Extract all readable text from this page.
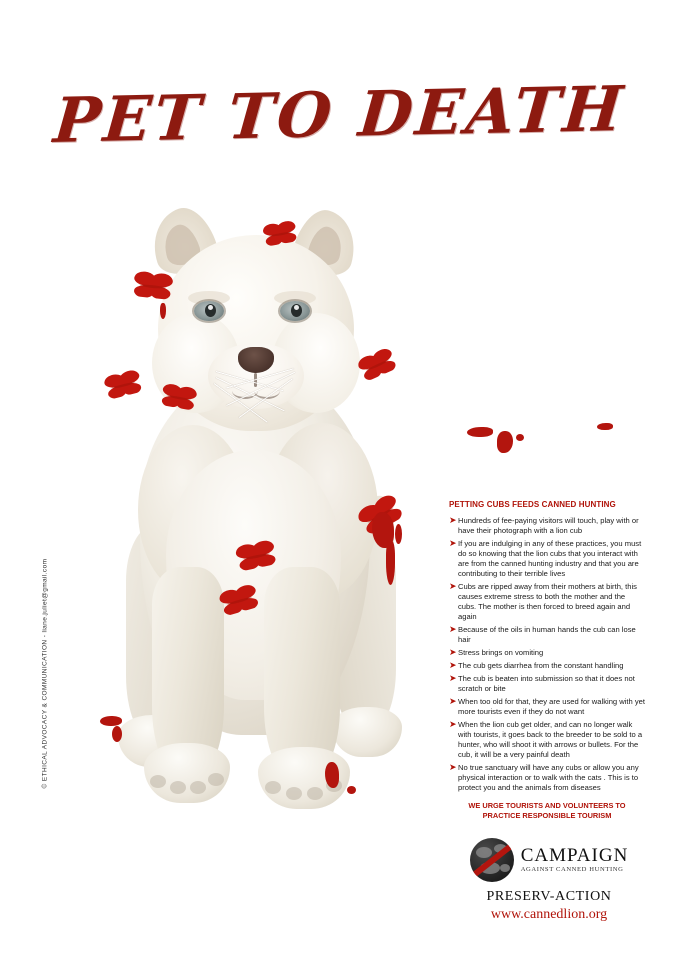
PET TO DEATH
PETTING CUBS FEEDS CANNED HUNTING
➤ Hundreds of fee-paying visitors will touch, play with or have their photograph with a lion cub
➤ If you are indulging in any of these practices, you must do so knowing that the lion cubs that you interact with are from the canned hunting industry and that you are contributing to their terrible lives
➤ Cubs are ripped away from their mothers at birth, this causes extreme stress to both the mother and the cubs. The mother is then forced to breed again and again
➤ Because of the oils in human hands the cub can lose hair
➤ Stress brings on vomiting
➤ The cub gets diarrhea from the constant handling
➤ The cub is beaten into submission so that it does not scratch or bite
➤ When too old for that, they are used for walking with yet more tourists even if they do not want
➤ When the lion cub get older, and can no longer walk with tourists, it goes back to the breeder to be sold to a hunter, who will shoot it with arrows or bullets. For the cub, it will be a very painful death
➤ No true sanctuary will have any cubs or allow you any physical interaction or to walk with the cats . This is to protect you and the animals from diseases
WE URGE TOURISTS AND VOLUNTEERS TO PRACTICE RESPONSIBLE TOURISM
CAMPAIGN
AGAINST CANNED HUNTING
PRESERV-ACTION
www.cannedlion.org
© ETHICAL ADVOCACY & COMMUNICATION - liane.juliet@gmail.com
